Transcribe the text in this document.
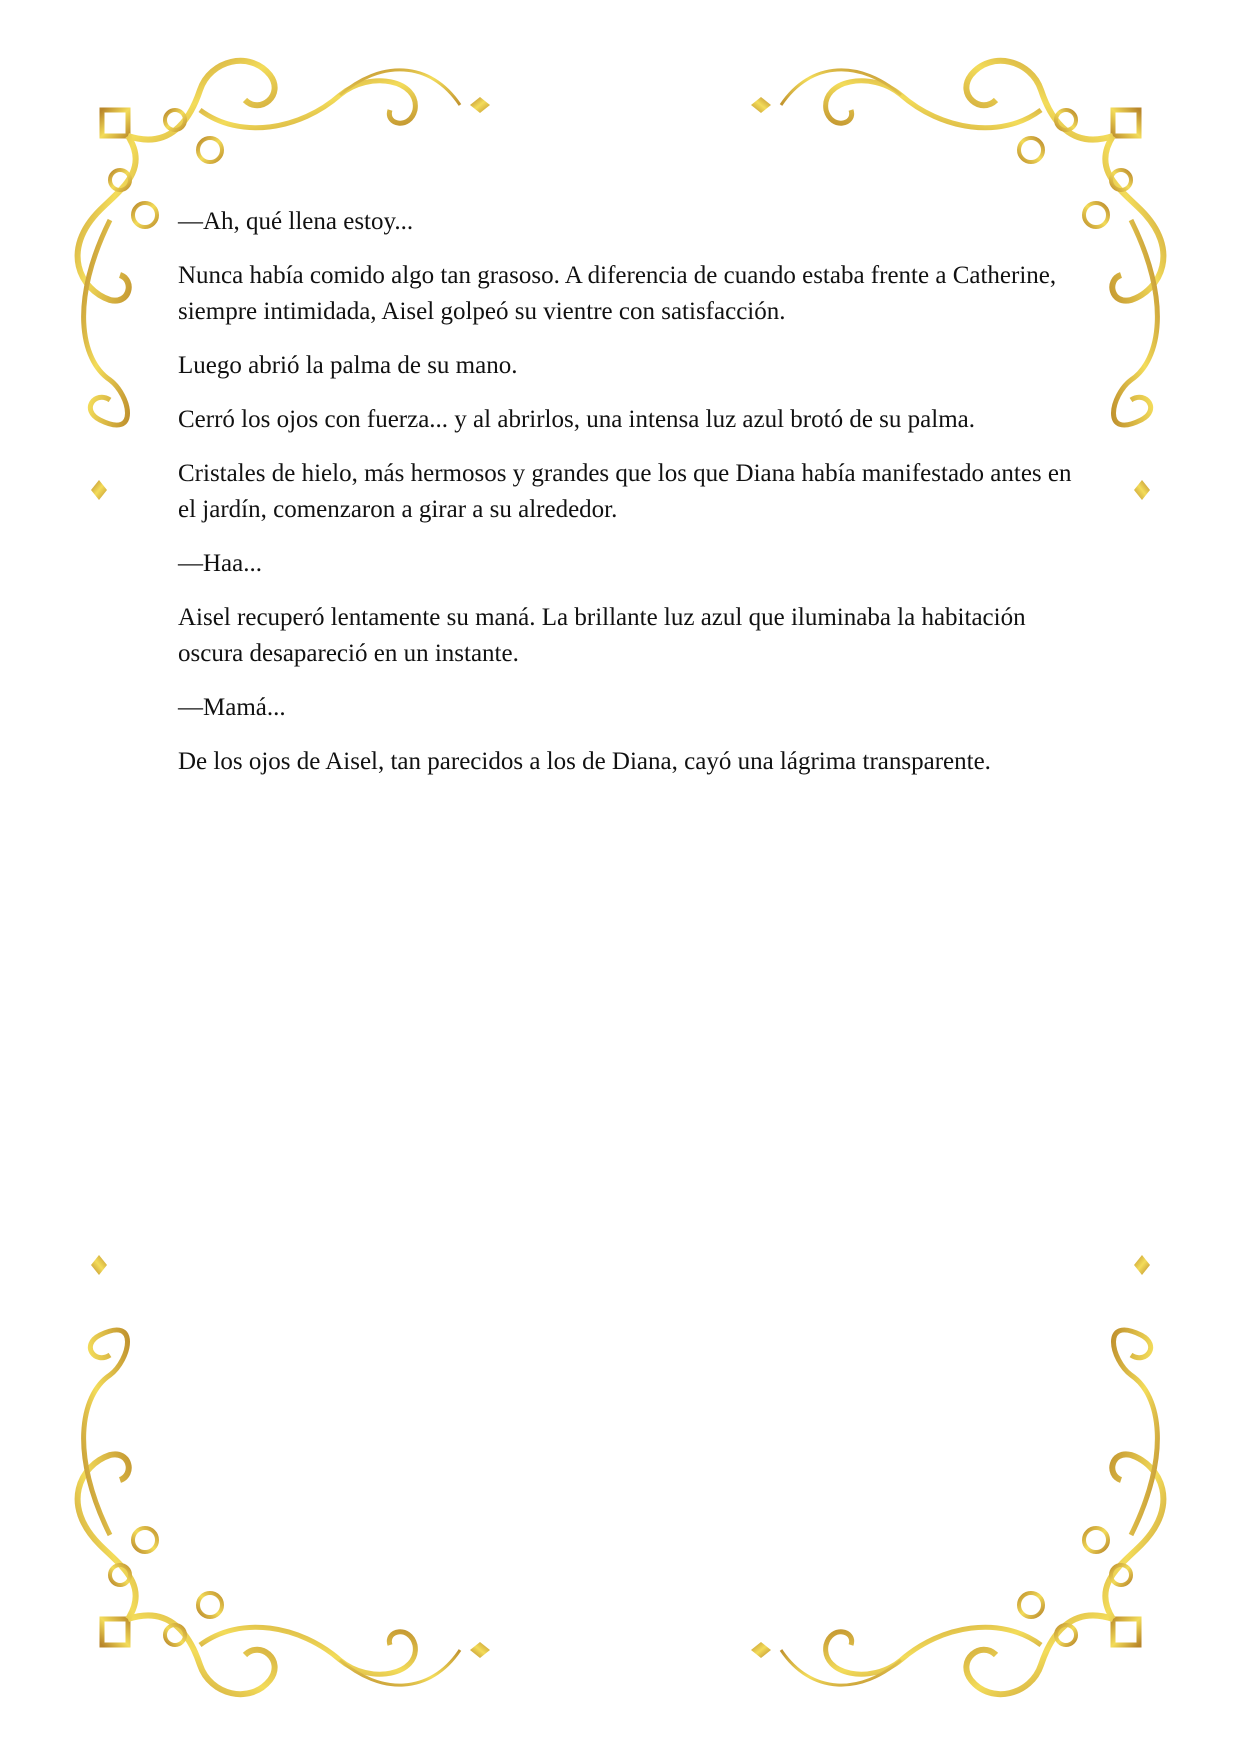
—Ah, qué llena estoy...

Nunca había comido algo tan grasoso. A diferencia de cuando estaba frente a Catherine, siempre intimidada, Aisel golpeó su vientre con satisfacción.

Luego abrió la palma de su mano.

Cerró los ojos con fuerza... y al abrirlos, una intensa luz azul brotó de su palma.

Cristales de hielo, más hermosos y grandes que los que Diana había manifestado antes en el jardín, comenzaron a girar a su alrededor.

—Haa...

Aisel recuperó lentamente su maná. La brillante luz azul que iluminaba la habitación oscura desapareció en un instante.

—Mamá...

De los ojos de Aisel, tan parecidos a los de Diana, cayó una lágrima transparente.
